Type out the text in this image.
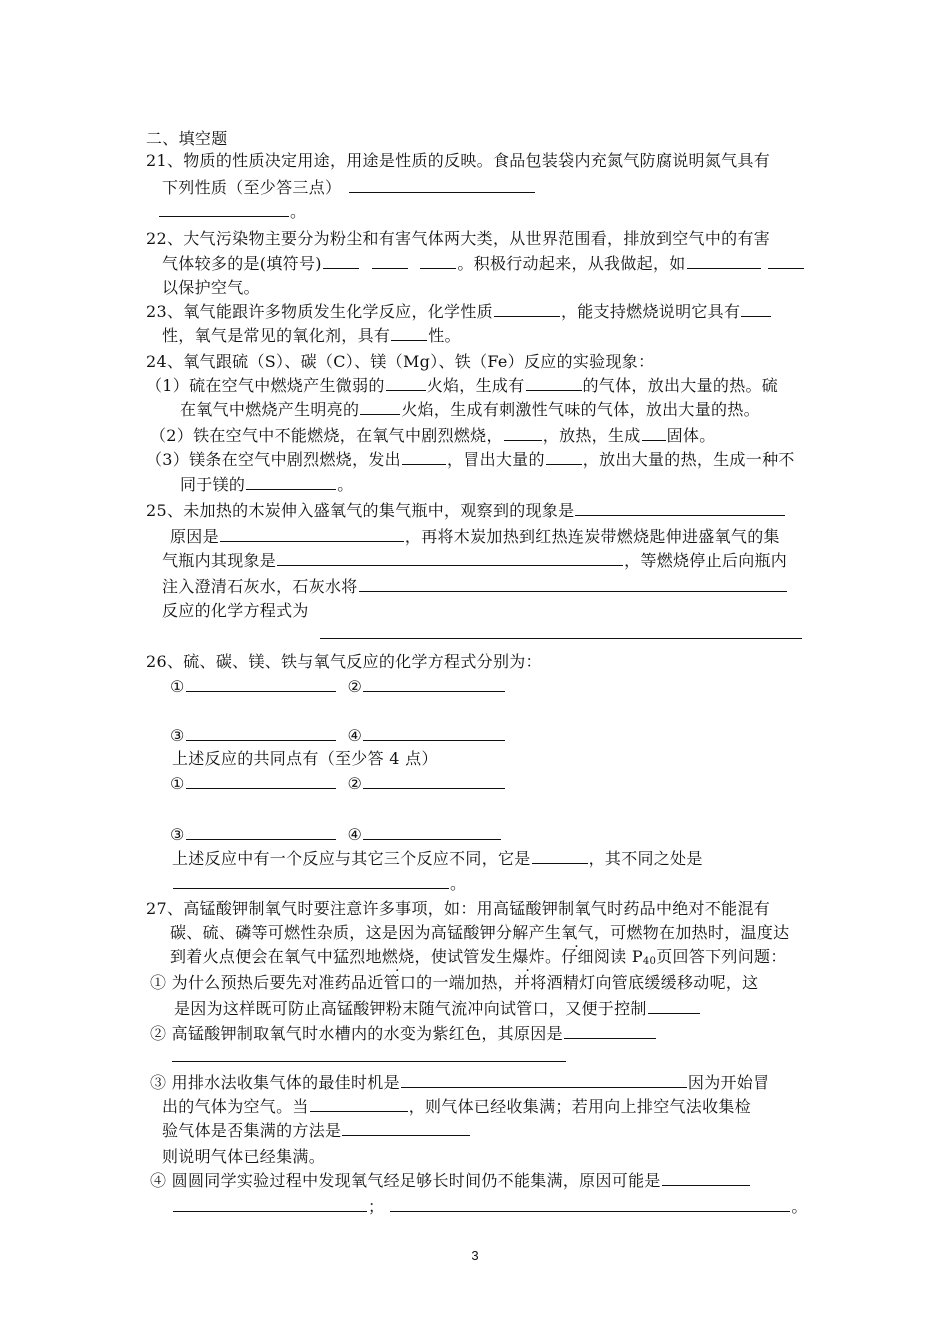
二、填空题
21、物质的性质决定用途，用途是性质的反映。食品包装袋内充氮气防腐说明氮气具有
下列性质（至少答三点）
。
22、大气污染物主要分为粉尘和有害气体两大类，从世界范围看，排放到空气中的有害
气体较多的是(填符号)	。积极行动起来，从我做起，如
以保护空气。
23、氧气能跟许多物质发生化学反应，化学性质	，能支持燃烧说明它具有
性，氧气是常见的氧化剂，具有 性。
24、氧气跟硫（S）、碳（C）、镁（Mg）、铁（Fe）反应的实验现象：
（1）硫在空气中燃烧产生微弱的	火焰，生成有	的气体，放出大量的热。硫
在氧气中燃烧产生明亮的	火焰，生成有刺激性气味的气体，放出大量的热。
（2）铁在空气中不能燃烧，在氧气中剧烈燃烧，	，放热，生成 固体。
（3）镁条在空气中剧烈燃烧，发出	，冒出大量的 ，放出大量的热，生成一种不
同于镁的	。
25、未加热的木炭伸入盛氧气的集气瓶中，观察到的现象是
原因是	，再将木炭加热到红热连炭带燃烧匙伸进盛氧气的集
气瓶内其现象是	，等燃烧停止后向瓶内
注入澄清石灰水，石灰水将
反应的化学方程式为
26、硫、碳、镁、铁与氧气反应的化学方程式分别为：
①	②
③	④
上述反应的共同点有（至少答 4 点）
①	②
③	④
上述反应中有一个反应与其它三个反应不同，它是	，其不同之处是
。
27、高锰酸钾制氧气时要注意许多事项，如：用高锰酸钾制氧气时药品中绝对不能混有
碳、硫、磷等可燃性杂质，这是因为高锰酸钾分解产生氧气，可燃物在加热时，温度达
到着火点便会在氧气中猛烈地燃烧，使试管发生爆炸。仔细阅读 $P_{40}$页回答下列问题：
① 为什么预热后要先对准药品近管口的一端加热，并将酒精灯向管底缓缓移动呢，这
是因为这样既可防止高锰酸钾粉末随气流冲向试管口，又便于控制
② 高锰酸钾制取氧气时水槽内的水变为紫红色，其原因是
③ 用排水法收集气体的最佳时机是	因为开始冒
出的气体为空气。当	，则气体已经收集满；若用向上排空气法收集检
验气体是否集满的方法是
则说明气体已经集满。
④ 圆圆同学实验过程中发现氧气经足够长时间仍不能集满，原因可能是
；	。
3
